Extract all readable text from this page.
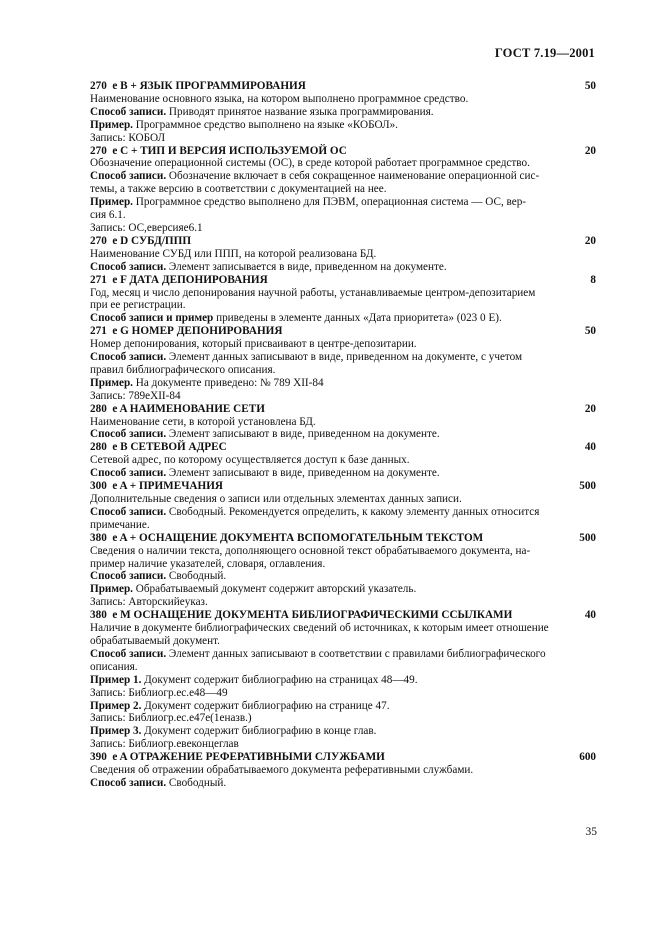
ГОСТ 7.19—2001
270  e B + ЯЗЫК ПРОГРАММИРОВАНИЯ	50
Наименование основного языка, на котором выполнено программное средство.
Способ записи. Приводят принятое название языка программирования.
Пример. Программное средство выполнено на языке «КОБОЛ».
Запись: КОБОЛ
270  e C + ТИП И ВЕРСИЯ ИСПОЛЬЗУЕМОЙ ОС	20
Обозначение операционной системы (ОС), в среде которой работает программное средство.
Способ записи. Обозначение включает в себя сокращенное наименование операционной сис-
темы, а также версию в соответствии с документацией на нее.
Пример. Программное средство выполнено для ПЭВМ, операционная система — ОС, вер-
сия 6.1.
Запись: ОС,eверсияe6.1
270  e D СУБД/ППП	20
Наименование СУБД или ППП, на которой реализована БД.
Способ записи. Элемент записывается в виде, приведенном на документе.
271  e F ДАТА ДЕПОНИРОВАНИЯ	8
Год, месяц и число депонирования научной работы, устанавливаемые центром-депозитарием
при ее регистрации.
Способ записи и пример приведены в элементе данных «Дата приоритета» (023 0 E).
271  e G НОМЕР ДЕПОНИРОВАНИЯ	50
Номер депонирования, который присваивают в центре-депозитарии.
Способ записи. Элемент данных записывают в виде, приведенном на документе, с учетом
правил библиографического описания.
Пример. На документе приведено: № 789 XII-84
Запись: 789eXII-84
280  e A НАИМЕНОВАНИЕ СЕТИ	20
Наименование сети, в которой установлена БД.
Способ записи. Элемент записывают в виде, приведенном на документе.
280  e B СЕТЕВОЙ АДРЕС	40
Сетевой адрес, по которому осуществляется доступ к базе данных.
Способ записи. Элемент записывают в виде, приведенном на документе.
300  e A + ПРИМЕЧАНИЯ	500
Дополнительные сведения о записи или отдельных элементах данных записи.
Способ записи. Свободный. Рекомендуется определить, к какому элементу данных относится
примечание.
380  e A + ОСНАЩЕНИЕ ДОКУМЕНТА ВСПОМОГАТЕЛЬНЫМ ТЕКСТОМ	500
Сведения о наличии текста, дополняющего основной текст обрабатываемого документа, на-
пример наличие указателей, словаря, оглавления.
Способ записи. Свободный.
Пример. Обрабатываемый документ содержит авторский указатель.
Запись: Авторскийeуказ.
380  e M ОСНАЩЕНИЕ ДОКУМЕНТА БИБЛИОГРАФИЧЕСКИМИ ССЫЛКАМИ	40
Наличие в документе библиографических сведений об источниках, к которым имеет отношение
обрабатываемый документ.
Способ записи. Элемент данных записывают в соответствии с правилами библиографического
описания.
Пример 1. Документ содержит библиографию на страницах 48—49.
Запись: Библиогр.ec.e48—49
Пример 2. Документ содержит библиографию на странице 47.
Запись: Библиогр.ec.e47e(1eназв.)
Пример 3. Документ содержит библиографию в конце глав.
Запись: Библиогр.eвeконцeглав
390  e A ОТРАЖЕНИЕ РЕФЕРАТИВНЫМИ СЛУЖБАМИ	600
Сведения об отражении обрабатываемого документа реферативными службами.
Способ записи. Свободный.
35
